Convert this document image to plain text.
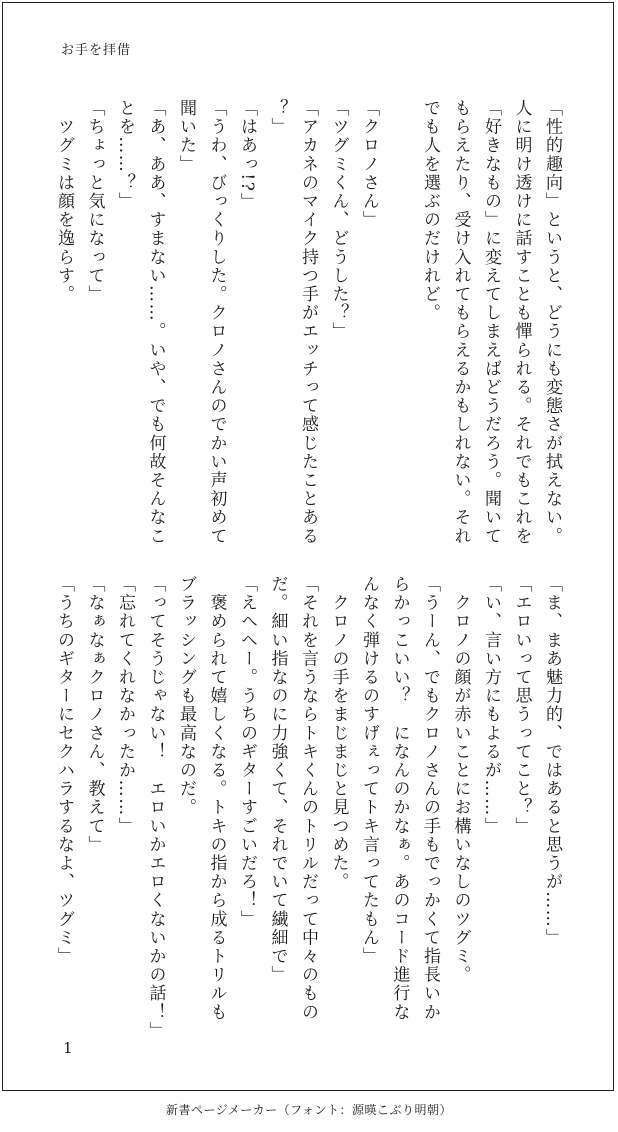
お手を拝借

「性的趣向」というと、どうにも変態さが拭えない。

人に明け透けに話すことも憚られる。それでもこれを

「好きなもの」に変えてしまえばどうだろう。聞いて

もらえたり、受け入れてもらえるかもしれない。それ

でも人を選ぶのだけれど。

「クロノさん」

「ツグミくん、どうした？」

「アカネのマイク持つ手がエッチって感じたことある

？」

「はあっ!?」

「うわ、びっくりした。クロノさんのでかい声初めて

聞いた」

「あ、ああ、すまない……。いや、でも何故そんなこ

とを……？」

「ちょっと気になって」

　ツグミは顔を逸らす。

「ま、まあ魅力的、ではあると思うが……」

「エロいって思うってこと？」

「い、言い方にもよるが……」

　クロノの顔が赤いことにお構いなしのツグミ。

「うーん、でもクロノさんの手もでっかくて指長いか

らかっこいい？　になんのかなぁ。あのコード進行な

んなく弾けるのすげぇってトキ言ってたもん」

　クロノの手をまじまじと見つめた。

「それを言うならトキくんのトリルだって中々のもの

だ。細い指なのに力強くて、それでいて繊細で」

「えへへー。うちのギターすごいだろ！」

　褒められて嬉しくなる。トキの指から成るトリルも

ブラッシングも最高なのだ。

「ってそうじゃない！　エロいかエロくないかの話！」

「忘れてくれなかったか……」

「なぁなぁクロノさん、教えて」

「うちのギターにセクハラするなよ、ツグミ」

1
新書ページメーカー（フォント：源暎こぶり明朝）
